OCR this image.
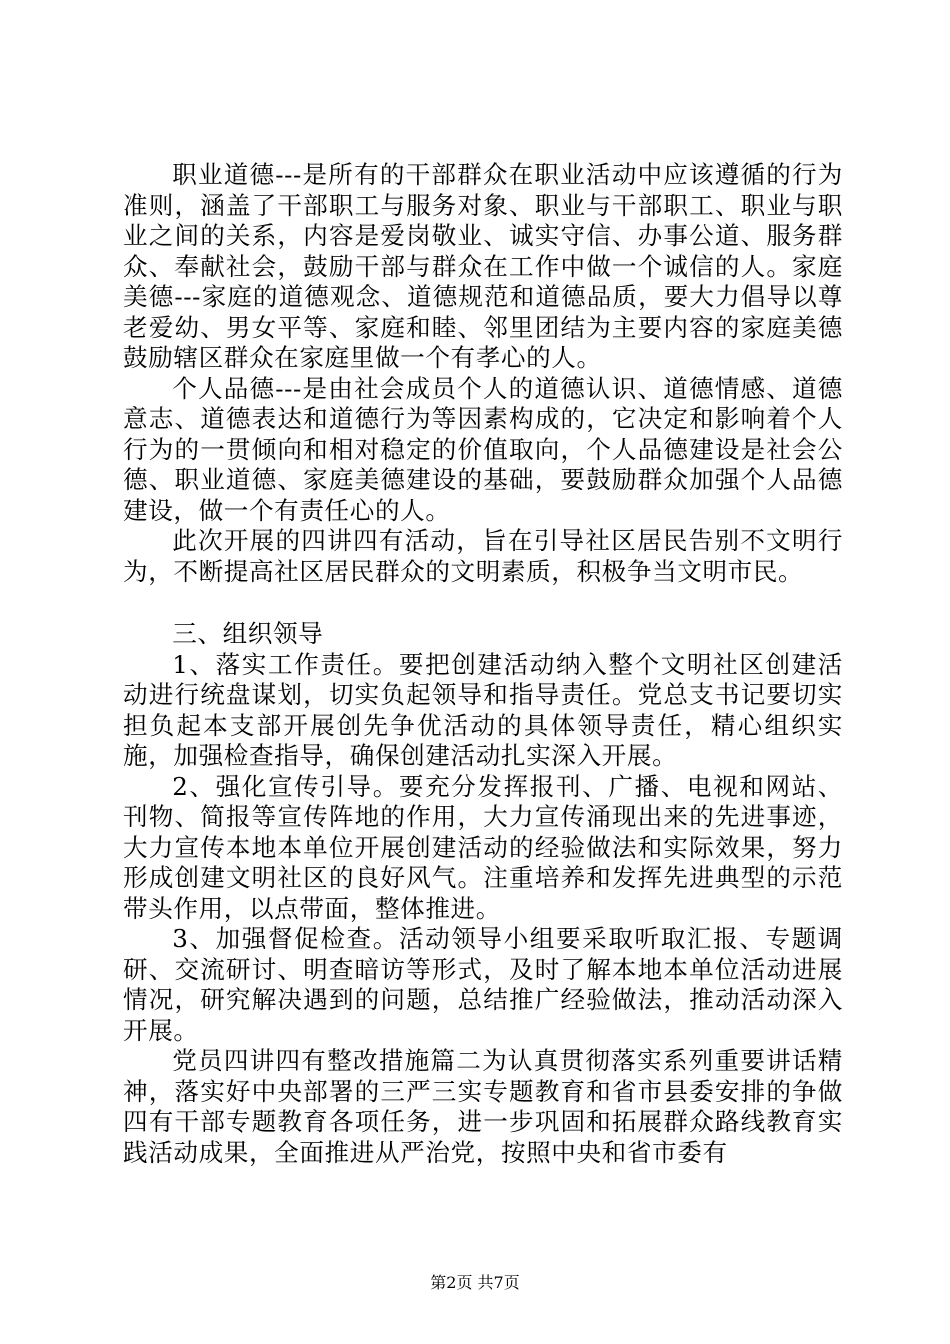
职业道德---是所有的干部群众在职业活动中应该遵循的行为准则，涵盖了干部职工与服务对象、职业与干部职工、职业与职业之间的关系，内容是爱岗敬业、诚实守信、办事公道、服务群众、奉献社会，鼓励干部与群众在工作中做一个诚信的人。家庭美德---家庭的道德观念、道德规范和道德品质，要大力倡导以尊老爱幼、男女平等、家庭和睦、邻里团结为主要内容的家庭美德鼓励辖区群众在家庭里做一个有孝心的人。

个人品德---是由社会成员个人的道德认识、道德情感、道德意志、道德表达和道德行为等因素构成的，它决定和影响着个人行为的一贯倾向和相对稳定的价值取向，个人品德建设是社会公德、职业道德、家庭美德建设的基础，要鼓励群众加强个人品德建设，做一个有责任心的人。

此次开展的四讲四有活动，旨在引导社区居民告别不文明行为，不断提高社区居民群众的文明素质，积极争当文明市民。

三、组织领导

1、落实工作责任。要把创建活动纳入整个文明社区创建活动进行统盘谋划，切实负起领导和指导责任。党总支书记要切实担负起本支部开展创先争优活动的具体领导责任，精心组织实施，加强检查指导，确保创建活动扎实深入开展。

2、强化宣传引导。要充分发挥报刊、广播、电视和网站、刊物、简报等宣传阵地的作用，大力宣传涌现出来的先进事迹，大力宣传本地本单位开展创建活动的经验做法和实际效果，努力形成创建文明社区的良好风气。注重培养和发挥先进典型的示范带头作用，以点带面，整体推进。

3、加强督促检查。活动领导小组要采取听取汇报、专题调研、交流研讨、明查暗访等形式，及时了解本地本单位活动进展情况，研究解决遇到的问题，总结推广经验做法，推动活动深入开展。

党员四讲四有整改措施篇二为认真贯彻落实系列重要讲话精神，落实好中央部署的三严三实专题教育和省市县委安排的争做四有干部专题教育各项任务，进一步巩固和拓展群众路线教育实践活动成果，全面推进从严治党，按照中央和省市委有

第2页 共7页
